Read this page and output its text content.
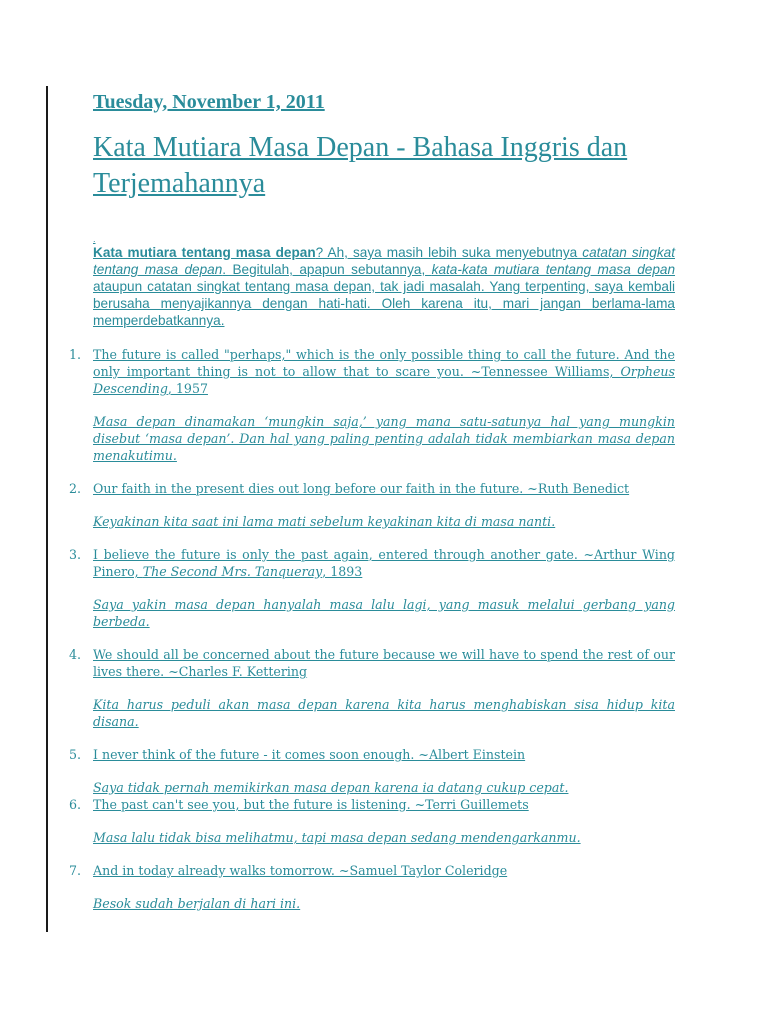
Tuesday, November 1, 2011
Kata Mutiara Masa Depan - Bahasa Inggris dan Terjemahannya
.

Kata mutiara tentang masa depan? Ah, saya masih lebih suka menyebutnya catatan singkat tentang masa depan. Begitulah, apapun sebutannya, kata-kata mutiara tentang masa depan ataupun catatan singkat tentang masa depan, tak jadi masalah. Yang terpenting, saya kembali berusaha menyajikannya dengan hati-hati. Oleh karena itu, mari jangan berlama-lama memperdebatkannya.

1. The future is called "perhaps," which is the only possible thing to call the future. And the only important thing is not to allow that to scare you. ~Tennessee Williams, Orpheus Descending, 1957

Masa depan dinamakan ‘mungkin saja,’ yang mana satu-satunya hal yang mungkin disebut ‘masa depan’. Dan hal yang paling penting adalah tidak membiarkan masa depan menakutimu.

2. Our faith in the present dies out long before our faith in the future. ~Ruth Benedict

Keyakinan kita saat ini lama mati sebelum keyakinan kita di masa nanti.

3. I believe the future is only the past again, entered through another gate. ~Arthur Wing Pinero, The Second Mrs. Tanqueray, 1893

Saya yakin masa depan hanyalah masa lalu lagi, yang masuk melalui gerbang yang berbeda.

4. We should all be concerned about the future because we will have to spend the rest of our lives there. ~Charles F. Kettering

Kita harus peduli akan masa depan karena kita harus menghabiskan sisa hidup kita disana.

5. I never think of the future - it comes soon enough. ~Albert Einstein

Saya tidak pernah memikirkan masa depan karena ia datang cukup cepat.

6. The past can't see you, but the future is listening. ~Terri Guillemets

Masa lalu tidak bisa melihatmu, tapi masa depan sedang mendengarkanmu.

7. And in today already walks tomorrow. ~Samuel Taylor Coleridge

Besok sudah berjalan di hari ini.
